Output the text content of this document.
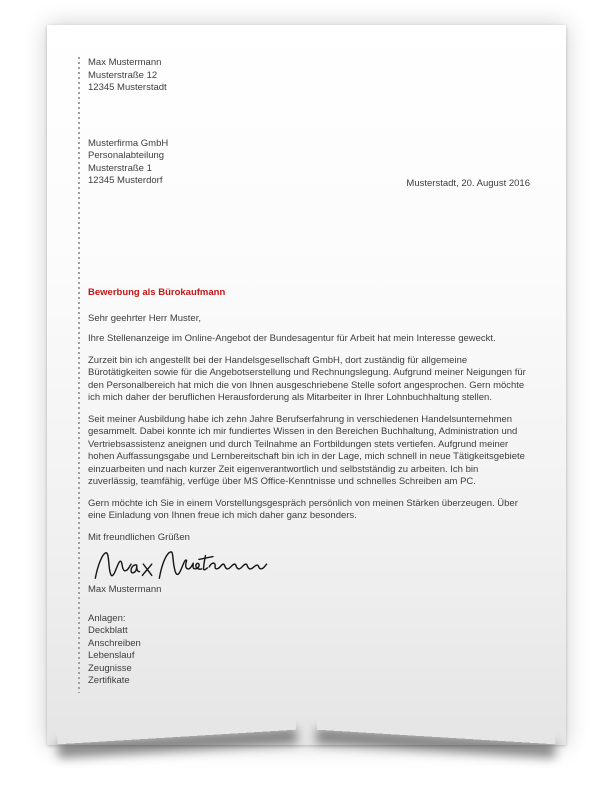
Max Mustermann
Musterstraße 12
12345 Musterstadt
Musterfirma GmbH
Personalabteilung
Musterstraße 1
12345 Musterdorf	Musterstadt, 20. August 2016
Bewerbung als Bürokaufmann
Sehr geehrter Herr Muster,

Ihre Stellenanzeige im Online-Angebot der Bundesagentur für Arbeit hat mein Interesse geweckt.

Zurzeit bin ich angestellt bei der Handelsgesellschaft GmbH, dort zuständig für allgemeine Bürotätigkeiten sowie für die Angebotserstellung und Rechnungslegung. Aufgrund meiner Neigungen für den Personalbereich hat mich die von Ihnen ausgeschriebene Stelle sofort angesprochen. Gern möchte ich mich daher der beruflichen Herausforderung als Mitarbeiter in Ihrer Lohnbuchhaltung stellen.

Seit meiner Ausbildung habe ich zehn Jahre Berufserfahrung in verschiedenen Handelsunternehmen gesammelt. Dabei konnte ich mir fundiertes Wissen in den Bereichen Buchhaltung, Administration und Vertriebsassistenz aneignen und durch Teilnahme an Fortbildungen stets vertiefen. Aufgrund meiner hohen Auffassungsgabe und Lernbereitschaft bin ich in der Lage, mich schnell in neue Tätigkeitsgebiete einzuarbeiten und nach kurzer Zeit eigenverantwortlich und selbstständig zu arbeiten. Ich bin zuverlässig, teamfähig, verfüge über MS Office-Kenntnisse und schnelles Schreiben am PC.

Gern möchte ich Sie in einem Vorstellungsgespräch persönlich von meinen Stärken überzeugen. Über eine Einladung von Ihnen freue ich mich daher ganz besonders.

Mit freundlichen Grüßen
Max Mustermann
Anlagen:
Deckblatt
Anschreiben
Lebenslauf
Zeugnisse
Zertifikate
